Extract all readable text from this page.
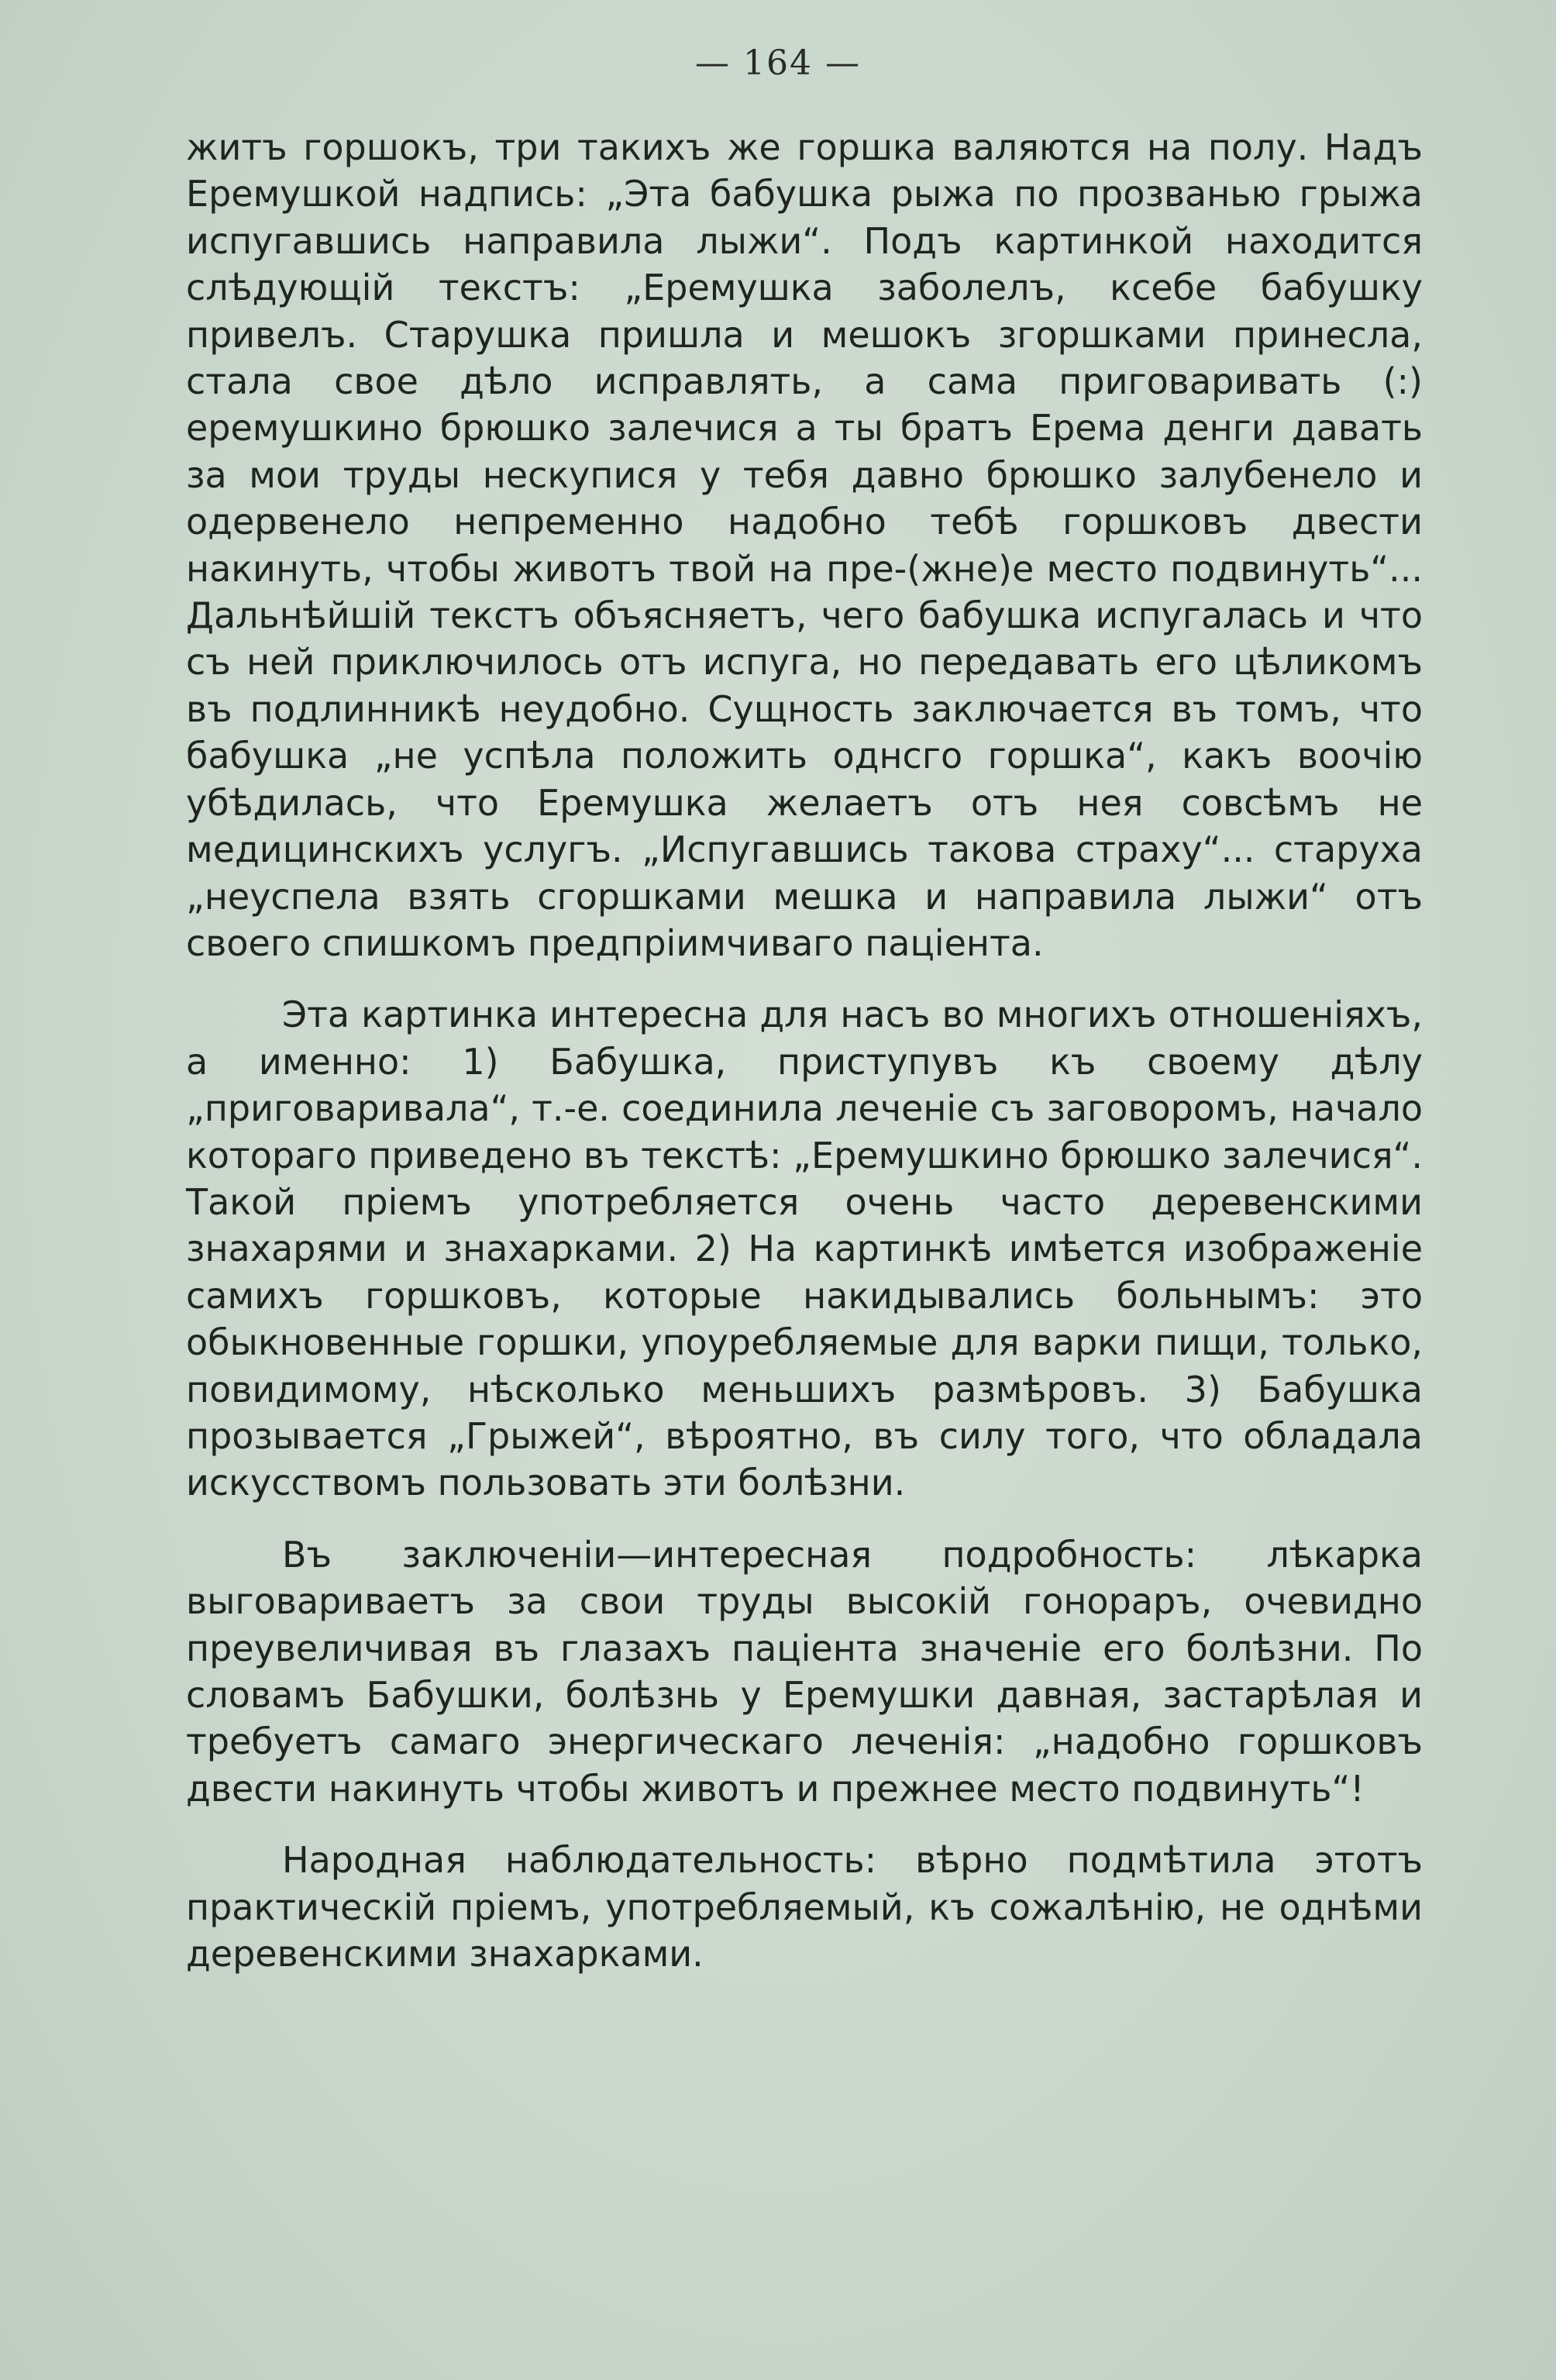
— 164 —

житъ горшокъ, три такихъ же горшка валяются на полу. Надъ Еремушкой надпись: „Эта бабушка рыжа по прозванью грыжа испугавшись направила лыжи“. Подъ картинкой находится слѣдующій текстъ: „Еремушка заболелъ, ксебе бабушку привелъ. Старушка пришла и мешокъ згоршками принесла, стала свое дѣло исправлять, а сама приговаривать (:) еремушкино брюшко залечися а ты братъ Ерема денги давать за мои труды нескупися у тебя давно брюшко залубенело и одервенело непременно надобно тебѣ горшковъ двести накинуть, чтобы животъ твой на пре-(жне)е место подвинуть“... Дальнѣйшій текстъ объясняетъ, чего бабушка испугалась и что съ ней приключилось отъ испуга, но передавать его цѣликомъ въ подлинникѣ неудобно. Сущность заключается въ томъ, что бабушка „не успѣла положить однсго горшка“, какъ воочію убѣдилась, что Еремушка желаетъ отъ нея совсѣмъ не медицинскихъ услугъ. „Испугавшись такова страху“... старуха „неуспела взять сгоршками мешка и направила лыжи“ отъ своего спишкомъ предпріимчиваго пацiента.

Эта картинка интересна для насъ во многихъ отношеніяхъ, а именно: 1) Бабушка, приступувъ къ своему дѣлу „приговаривала“, т.-е. соединила леченіе съ заговоромъ, начало котораго приведено въ текстѣ: „Еремушкино брюшко залечися“. Такой пріемъ употребляется очень часто деревенскими знахарями и знахарками. 2) На картинкѣ имѣется изображеніе самихъ горшковъ, которые накидывались больнымъ: это обыкновенные горшки, упоуребляемые для варки пищи, только, повидимому, нѣсколько меньшихъ размѣровъ. 3) Бабушка прозывается „Грыжей“, вѣроятно, въ силу того, что обладала искусствомъ пользовать эти болѣзни.

Въ заключеніи—интересная подробность: лѣкарка выговариваетъ за свои труды высокій гонораръ, очевидно преувеличивая въ глазахъ пацiента значеніе его болѣзни. По словамъ Бабушки, болѣзнь у Еремушки давная, застарѣлая и требуетъ самаго энергическаго леченія: „надобно горшковъ двести накинуть чтобы животъ и прежнее место подвинуть“!

Народная наблюдательность: вѣрно подмѣтила этотъ практическій пріемъ, употребляемый, къ сожалѣнію, не однѣми деревенскими знахарками.
